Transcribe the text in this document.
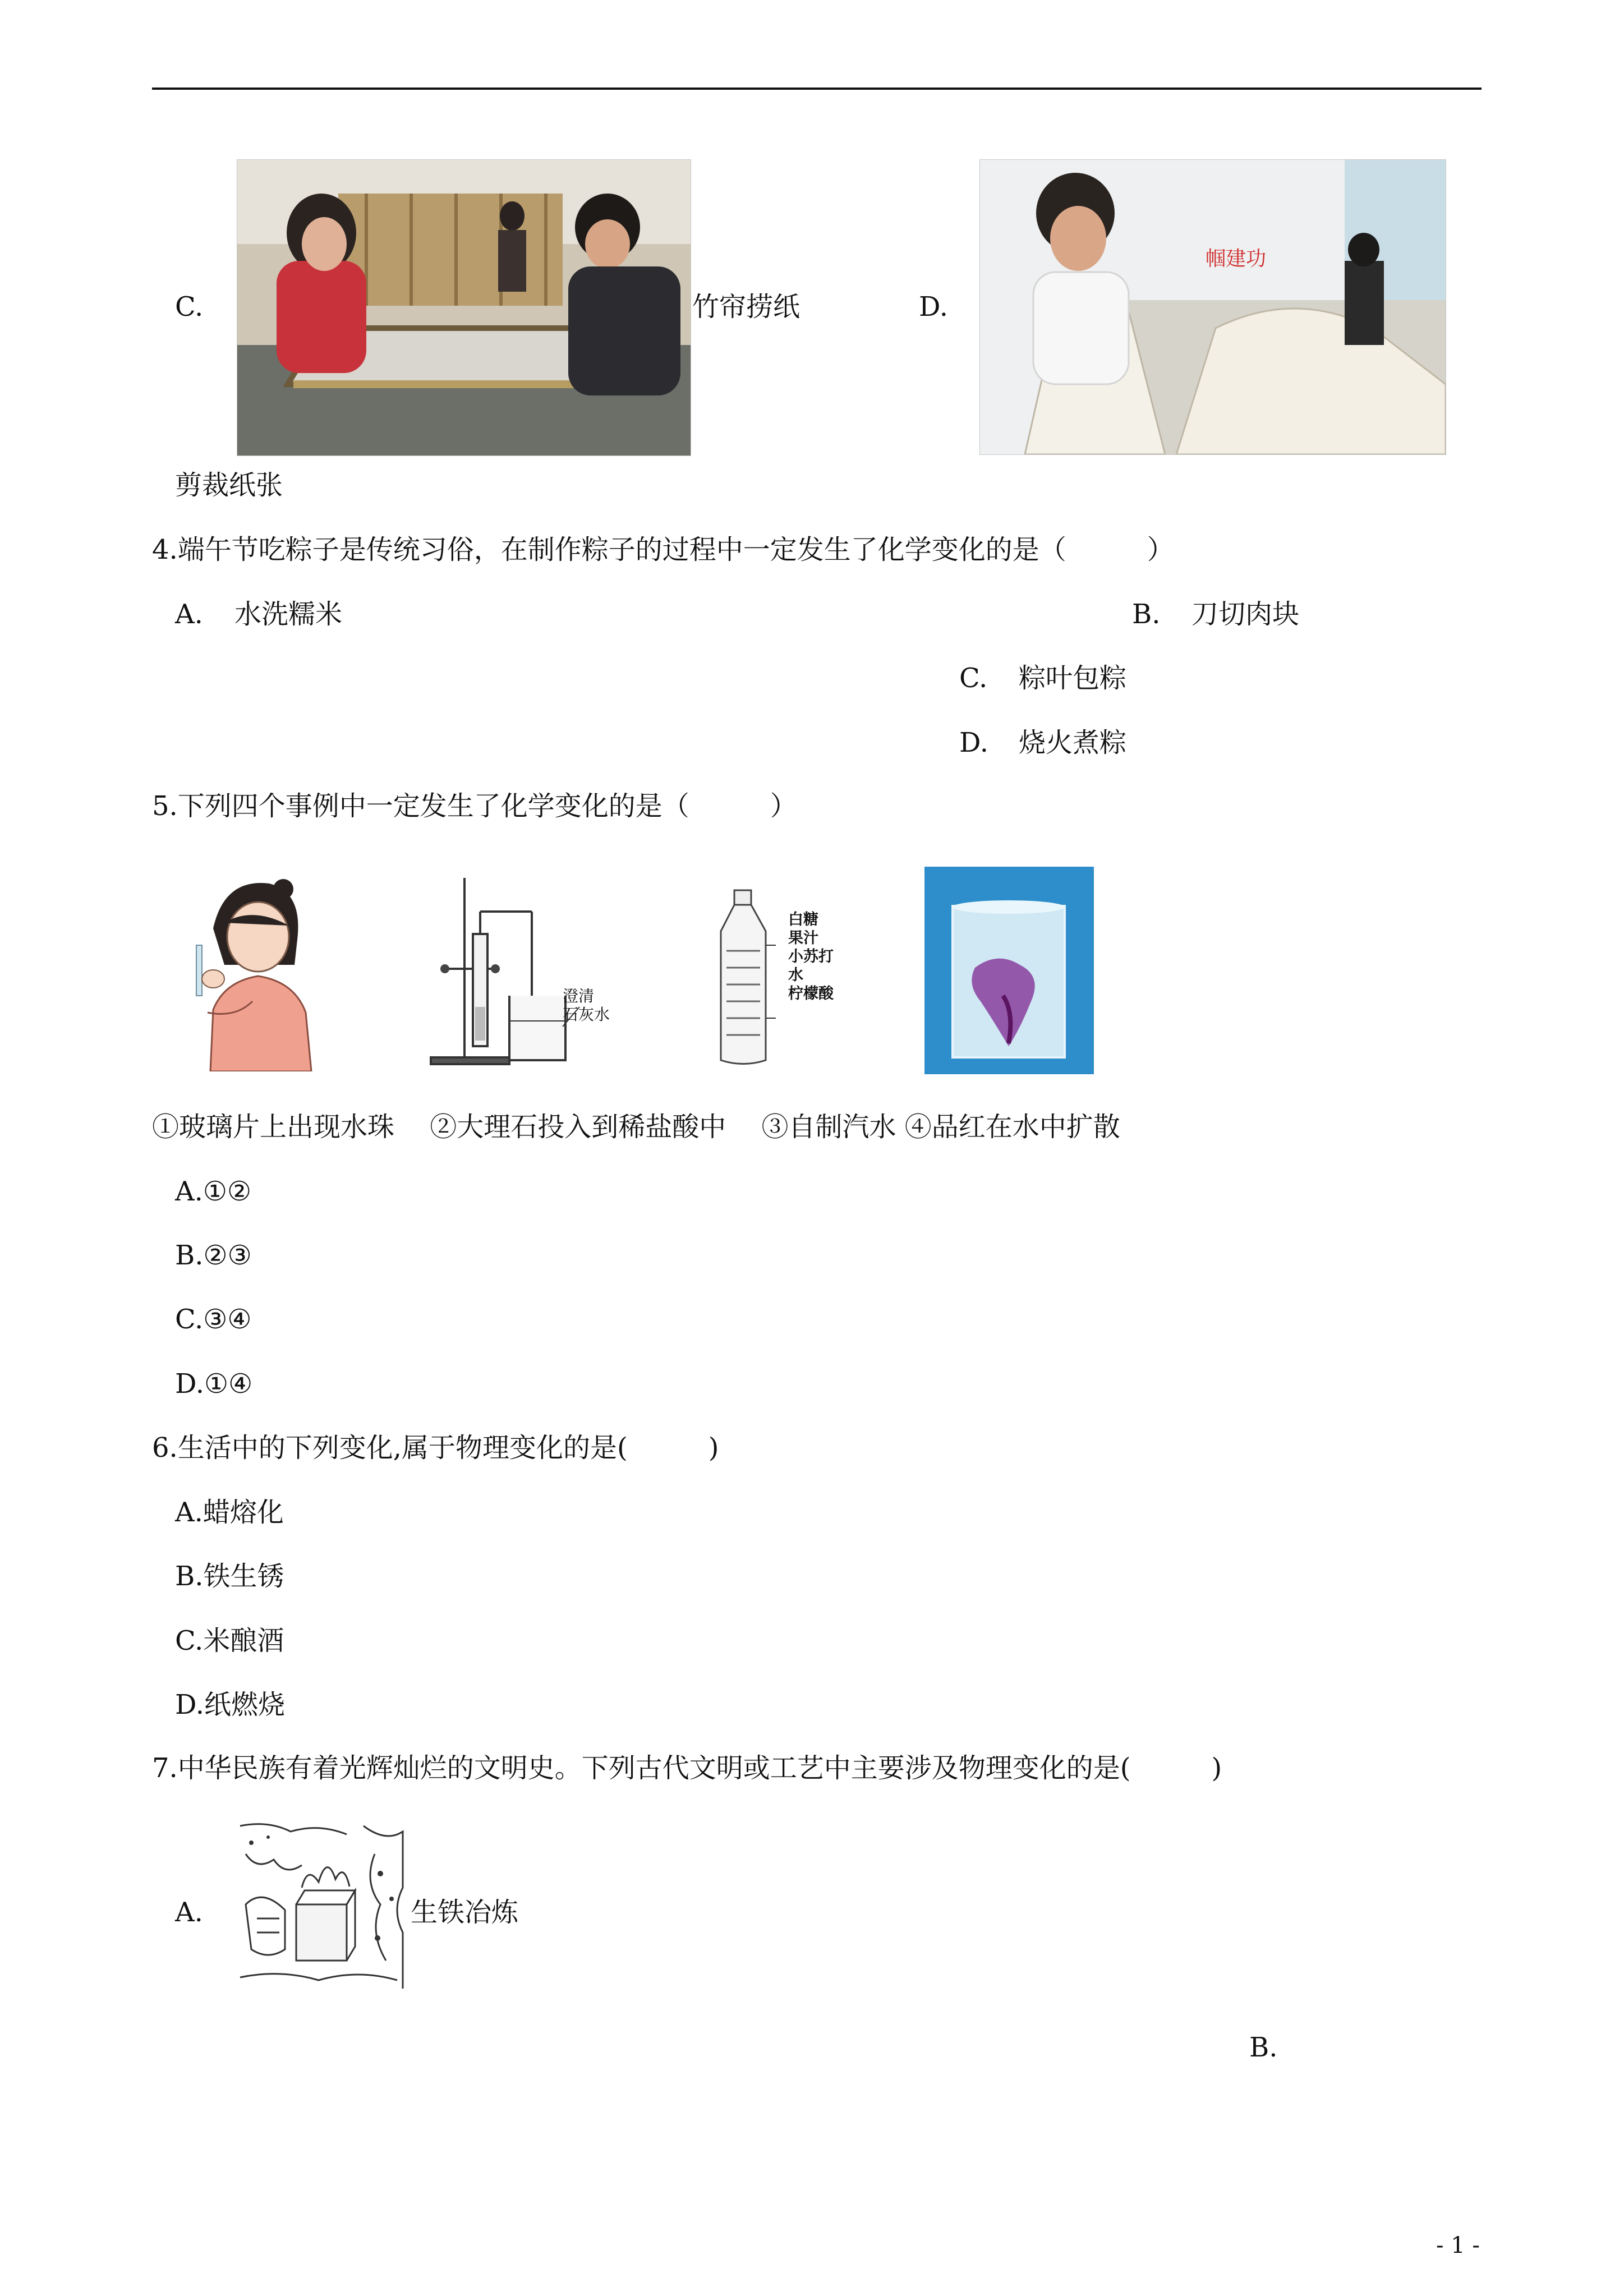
C.	竹帘捞纸	D.
帼建功
剪裁纸张
4.端午节吃粽子是传统习俗，在制作粽子的过程中一定发生了化学变化的是（　　　）
A. 水洗糯米	B. 刀切肉块
C. 粽叶包粽
D. 烧火煮粽
5.下列四个事例中一定发生了化学变化的是（　　　）
澄清
石灰水
白糖
果汁
小苏打
水
柠檬酸
①玻璃片上出现水珠　 ②大理石投入到稀盐酸中　 ③自制汽水 ④品红在水中扩散
A.①②
B.②③
C.③④
D.①④
6.生活中的下列变化,属于物理变化的是(　　　)
A.蜡熔化
B.铁生锈
C.米酿酒
D.纸燃烧
7.中华民族有着光辉灿烂的文明史。下列古代文明或工艺中主要涉及物理变化的是(　　　)
A.	生铁冶炼
B.
- 1 -
